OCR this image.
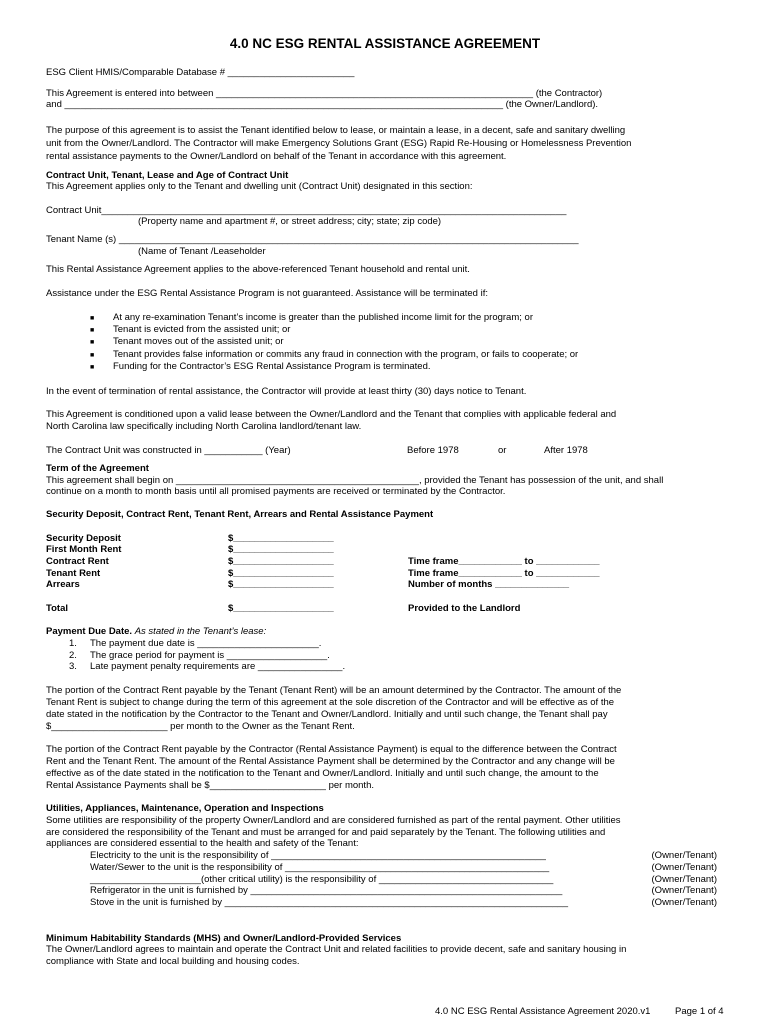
4.0 NC ESG RENTAL ASSISTANCE AGREEMENT
ESG Client HMIS/Comparable Database # ________________________
This Agreement is entered into between ____________________________________________________________ (the Contractor)
and ___________________________________________________________________________________ (the Owner/Landlord).
The purpose of this agreement is to assist the Tenant identified below to lease, or maintain a lease, in a decent, safe and sanitary dwelling
unit from the Owner/Landlord. The Contractor will make Emergency Solutions Grant (ESG) Rapid Re-Housing or Homelessness Prevention
rental assistance payments to the Owner/Landlord on behalf of the Tenant in accordance with this agreement.
Contract Unit, Tenant, Lease and Age of Contract Unit
This Agreement applies only to the Tenant and dwelling unit (Contract Unit) designated in this section:
Contract Unit________________________________________________________________________________________
(Property name and apartment #, or street address; city; state; zip code)
Tenant Name (s) _______________________________________________________________________________________
(Name of Tenant /Leaseholder
This Rental Assistance Agreement applies to the above-referenced Tenant household and rental unit.
Assistance under the ESG Rental Assistance Program is not guaranteed. Assistance will be terminated if:
■ At any re-examination Tenant’s income is greater than the published income limit for the program; or
■ Tenant is evicted from the assisted unit; or
■ Tenant moves out of the assisted unit; or
■ Tenant provides false information or commits any fraud in connection with the program, or fails to cooperate; or
■ Funding for the Contractor’s ESG Rental Assistance Program is terminated.
In the event of termination of rental assistance, the Contractor will provide at least thirty (30) days notice to Tenant.
This Agreement is conditioned upon a valid lease between the Owner/Landlord and the Tenant that complies with applicable federal and
North Carolina law specifically including North Carolina landlord/tenant law.
The Contract Unit was constructed in ___________ (Year)	Before 1978	or	After 1978
Term of the Agreement
This agreement shall begin on ______________________________________________, provided the Tenant has possession of the unit, and shall
continue on a month to month basis until all promised payments are received or terminated by the Contractor.
Security Deposit, Contract Rent, Tenant Rent, Arrears and Rental Assistance Payment
Security Deposit	$___________________
First Month Rent	$___________________
Contract Rent	$___________________	Time frame____________ to ____________
Tenant Rent	$___________________	Time frame____________ to ____________
Arrears	$___________________	Number of months ______________
Total	$___________________	Provided to the Landlord
Payment Due Date. As stated in the Tenant’s lease:
1. The payment due date is _______________________.
2. The grace period for payment is ___________________.
3. Late payment penalty requirements are ________________.
The portion of the Contract Rent payable by the Tenant (Tenant Rent) will be an amount determined by the Contractor. The amount of the
Tenant Rent is subject to change during the term of this agreement at the sole discretion of the Contractor and will be effective as of the
date stated in the notification by the Contractor to the Tenant and Owner/Landlord. Initially and until such change, the Tenant shall pay
$______________________ per month to the Owner as the Tenant Rent.
The portion of the Contract Rent payable by the Contractor (Rental Assistance Payment) is equal to the difference between the Contract
Rent and the Tenant Rent. The amount of the Rental Assistance Payment shall be determined by the Contractor and any change will be
effective as of the date stated in the notification to the Tenant and Owner/Landlord. Initially and until such change, the amount to the
Rental Assistance Payments shall be $______________________ per month.
Utilities, Appliances, Maintenance, Operation and Inspections
Some utilities are responsibility of the property Owner/Landlord and are considered furnished as part of the rental payment. Other utilities
are considered the responsibility of the Tenant and must be arranged for and paid separately by the Tenant. The following utilities and
appliances are considered essential to the health and safety of the Tenant:
Electricity to the unit is the responsibility of ____________________________________________________	(Owner/Tenant)
Water/Sewer to the unit is the responsibility of __________________________________________________	(Owner/Tenant)
_____________________(other critical utility) is the responsibility of _________________________________	(Owner/Tenant)
Refrigerator in the unit is furnished by ___________________________________________________________	(Owner/Tenant)
Stove in the unit is furnished by _________________________________________________________________	(Owner/Tenant)
Minimum Habitability Standards (MHS) and Owner/Landlord-Provided Services
The Owner/Landlord agrees to maintain and operate the Contract Unit and related facilities to provide decent, safe and sanitary housing in
compliance with State and local building and housing codes.
4.0 NC ESG Rental Assistance Agreement 2020.v1	Page 1 of 4
